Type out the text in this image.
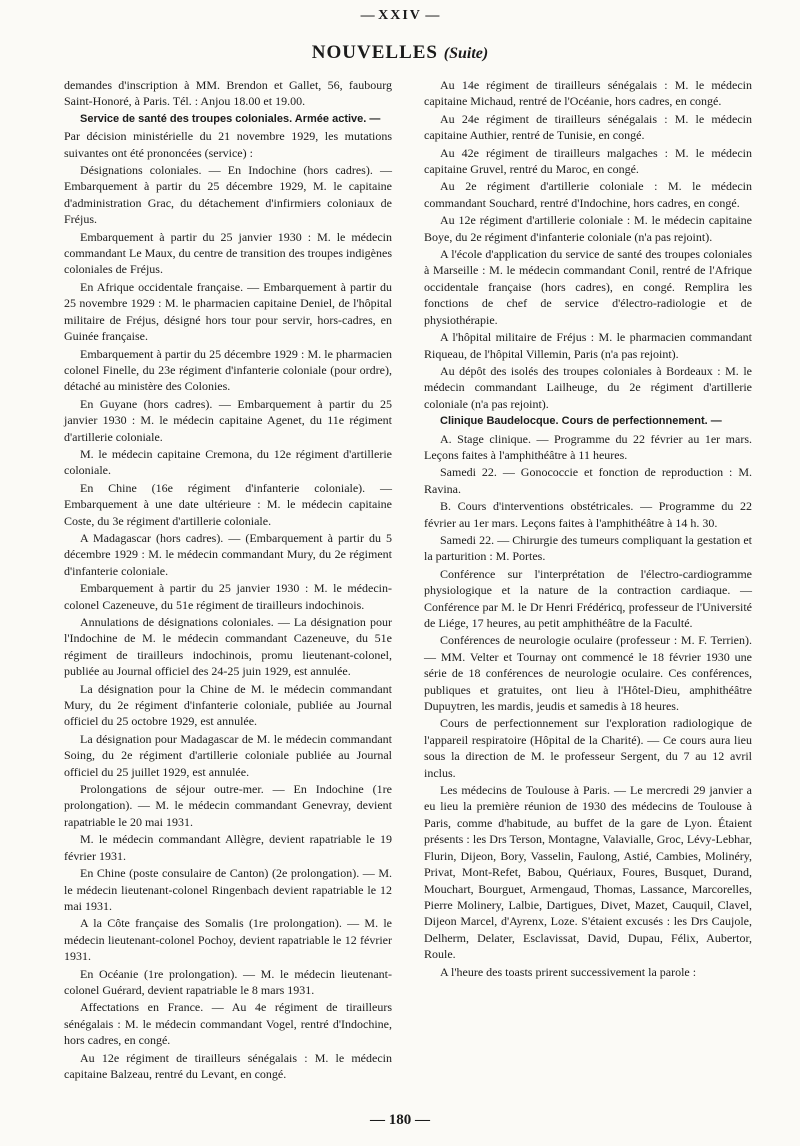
— XXIV —
NOUVELLES (Suite)

demandes d'inscription à MM. Brendon et Gallet, 56, faubourg Saint-Honoré, à Paris. Tél. : Anjou 18.00 et 19.00.

Service de santé des troupes coloniales. Armée active. —

Par décision ministérielle du 21 novembre 1929, les mutations suivantes ont été prononcées (service) :

Désignations coloniales. — En Indochine (hors cadres). — Embarquement à partir du 25 décembre 1929, M. le capitaine d'administration Grac, du détachement d'infirmiers coloniaux de Fréjus.

Embarquement à partir du 25 janvier 1930 : M. le médecin commandant Le Maux, du centre de transition des troupes indigènes coloniales de Fréjus.

En Afrique occidentale française. — Embarquement à partir du 25 novembre 1929 : M. le pharmacien capitaine Deniel, de l'hôpital militaire de Fréjus, désigné hors tour pour servir, hors-cadres, en Guinée française.

Embarquement à partir du 25 décembre 1929 : M. le pharmacien colonel Finelle, du 23e régiment d'infanterie coloniale (pour ordre), détaché au ministère des Colonies.

En Guyane (hors cadres). — Embarquement à partir du 25 janvier 1930 : M. le médecin capitaine Agenet, du 11e régiment d'artillerie coloniale.

M. le médecin capitaine Cremona, du 12e régiment d'artillerie coloniale.

En Chine (16e régiment d'infanterie coloniale). — Embarquement à une date ultérieure : M. le médecin capitaine Coste, du 3e régiment d'artillerie coloniale.

A Madagascar (hors cadres). — (Embarquement à partir du 5 décembre 1929 : M. le médecin commandant Mury, du 2e régiment d'infanterie coloniale.

Embarquement à partir du 25 janvier 1930 : M. le médecin-colonel Cazeneuve, du 51e régiment de tirailleurs indochinois.

Annulations de désignations coloniales. — La désignation pour l'Indochine de M. le médecin commandant Cazeneuve, du 51e régiment de tirailleurs indochinois, promu lieutenant-colonel, publiée au Journal officiel des 24-25 juin 1929, est annulée.

La désignation pour la Chine de M. le médecin commandant Mury, du 2e régiment d'infanterie coloniale, publiée au Journal officiel du 25 octobre 1929, est annulée.

La désignation pour Madagascar de M. le médecin commandant Soing, du 2e régiment d'artillerie coloniale publiée au Journal officiel du 25 juillet 1929, est annulée.

Prolongations de séjour outre-mer. — En Indochine (1re prolongation). — M. le médecin commandant Genevray, devient rapatriable le 20 mai 1931.

M. le médecin commandant Allègre, devient rapatriable le 19 février 1931.

En Chine (poste consulaire de Canton) (2e prolongation). — M. le médecin lieutenant-colonel Ringenbach devient rapatriable le 12 mai 1931.

A la Côte française des Somalis (1re prolongation). — M. le médecin lieutenant-colonel Pochoy, devient rapatriable le 12 février 1931.

En Océanie (1re prolongation). — M. le médecin lieutenant-colonel Guérard, devient rapatriable le 8 mars 1931.

Affectations en France. — Au 4e régiment de tirailleurs sénégalais : M. le médecin commandant Vogel, rentré d'Indochine, hors cadres, en congé.

Au 12e régiment de tirailleurs sénégalais : M. le médecin capitaine Balzeau, rentré du Levant, en congé.

Au 14e régiment de tirailleurs sénégalais : M. le médecin capitaine Michaud, rentré de l'Océanie, hors cadres, en congé.

Au 24e régiment de tirailleurs sénégalais : M. le médecin capitaine Authier, rentré de Tunisie, en congé.

Au 42e régiment de tirailleurs malgaches : M. le médecin capitaine Gruvel, rentré du Maroc, en congé.

Au 2e régiment d'artillerie coloniale : M. le médecin commandant Souchard, rentré d'Indochine, hors cadres, en congé.

Au 12e régiment d'artillerie coloniale : M. le médecin capitaine Boye, du 2e régiment d'infanterie coloniale (n'a pas rejoint).

A l'école d'application du service de santé des troupes coloniales à Marseille : M. le médecin commandant Conil, rentré de l'Afrique occidentale française (hors cadres), en congé. Remplira les fonctions de chef de service d'électro-radiologie et de physiothérapie.

A l'hôpital militaire de Fréjus : M. le pharmacien commandant Riqueau, de l'hôpital Villemin, Paris (n'a pas rejoint).

Au dépôt des isolés des troupes coloniales à Bordeaux : M. le médecin commandant Lailheuge, du 2e régiment d'artillerie coloniale (n'a pas rejoint).

Clinique Baudelocque. Cours de perfectionnement. —

A. Stage clinique. — Programme du 22 février au 1er mars. Leçons faites à l'amphithéâtre à 11 heures.

Samedi 22. — Gonococcie et fonction de reproduction : M. Ravina.

B. Cours d'interventions obstétricales. — Programme du 22 février au 1er mars. Leçons faites à l'amphithéâtre à 14 h. 30.

Samedi 22. — Chirurgie des tumeurs compliquant la gestation et la parturition : M. Portes.

Conférence sur l'interprétation de l'électro-cardiogramme physiologique et la nature de la contraction cardiaque. — Conférence par M. le Dr Henri Frédéricq, professeur de l'Université de Liége, 17 heures, au petit amphithéâtre de la Faculté.

Conférences de neurologie oculaire (professeur : M. F. Terrien). — MM. Velter et Tournay ont commencé le 18 février 1930 une série de 18 conférences de neurologie oculaire. Ces conférences, publiques et gratuites, ont lieu à l'Hôtel-Dieu, amphithéâtre Dupuytren, les mardis, jeudis et samedis à 18 heures.

Cours de perfectionnement sur l'exploration radiologique de l'appareil respiratoire (Hôpital de la Charité). — Ce cours aura lieu sous la direction de M. le professeur Sergent, du 7 au 12 avril inclus.

Les médecins de Toulouse à Paris. — Le mercredi 29 janvier a eu lieu la première réunion de 1930 des médecins de Toulouse à Paris, comme d'habitude, au buffet de la gare de Lyon. Étaient présents : les Drs Terson, Montagne, Valavialle, Groc, Lévy-Lebhar, Flurin, Dijeon, Bory, Vasselin, Faulong, Astié, Cambies, Molinéry, Privat, Mont-Refet, Babou, Quériaux, Foures, Busquet, Durand, Mouchart, Bourguet, Armengaud, Thomas, Lassance, Marcorelles, Pierre Molinery, Lalbie, Dartigues, Divet, Mazet, Cauquil, Clavel, Dijeon Marcel, d'Ayrenx, Loze. S'étaient excusés : les Drs Caujole, Delherm, Delater, Esclavissat, David, Dupau, Félix, Aubertor, Roule.

A l'heure des toasts prirent successivement la parole :

— 180 —
